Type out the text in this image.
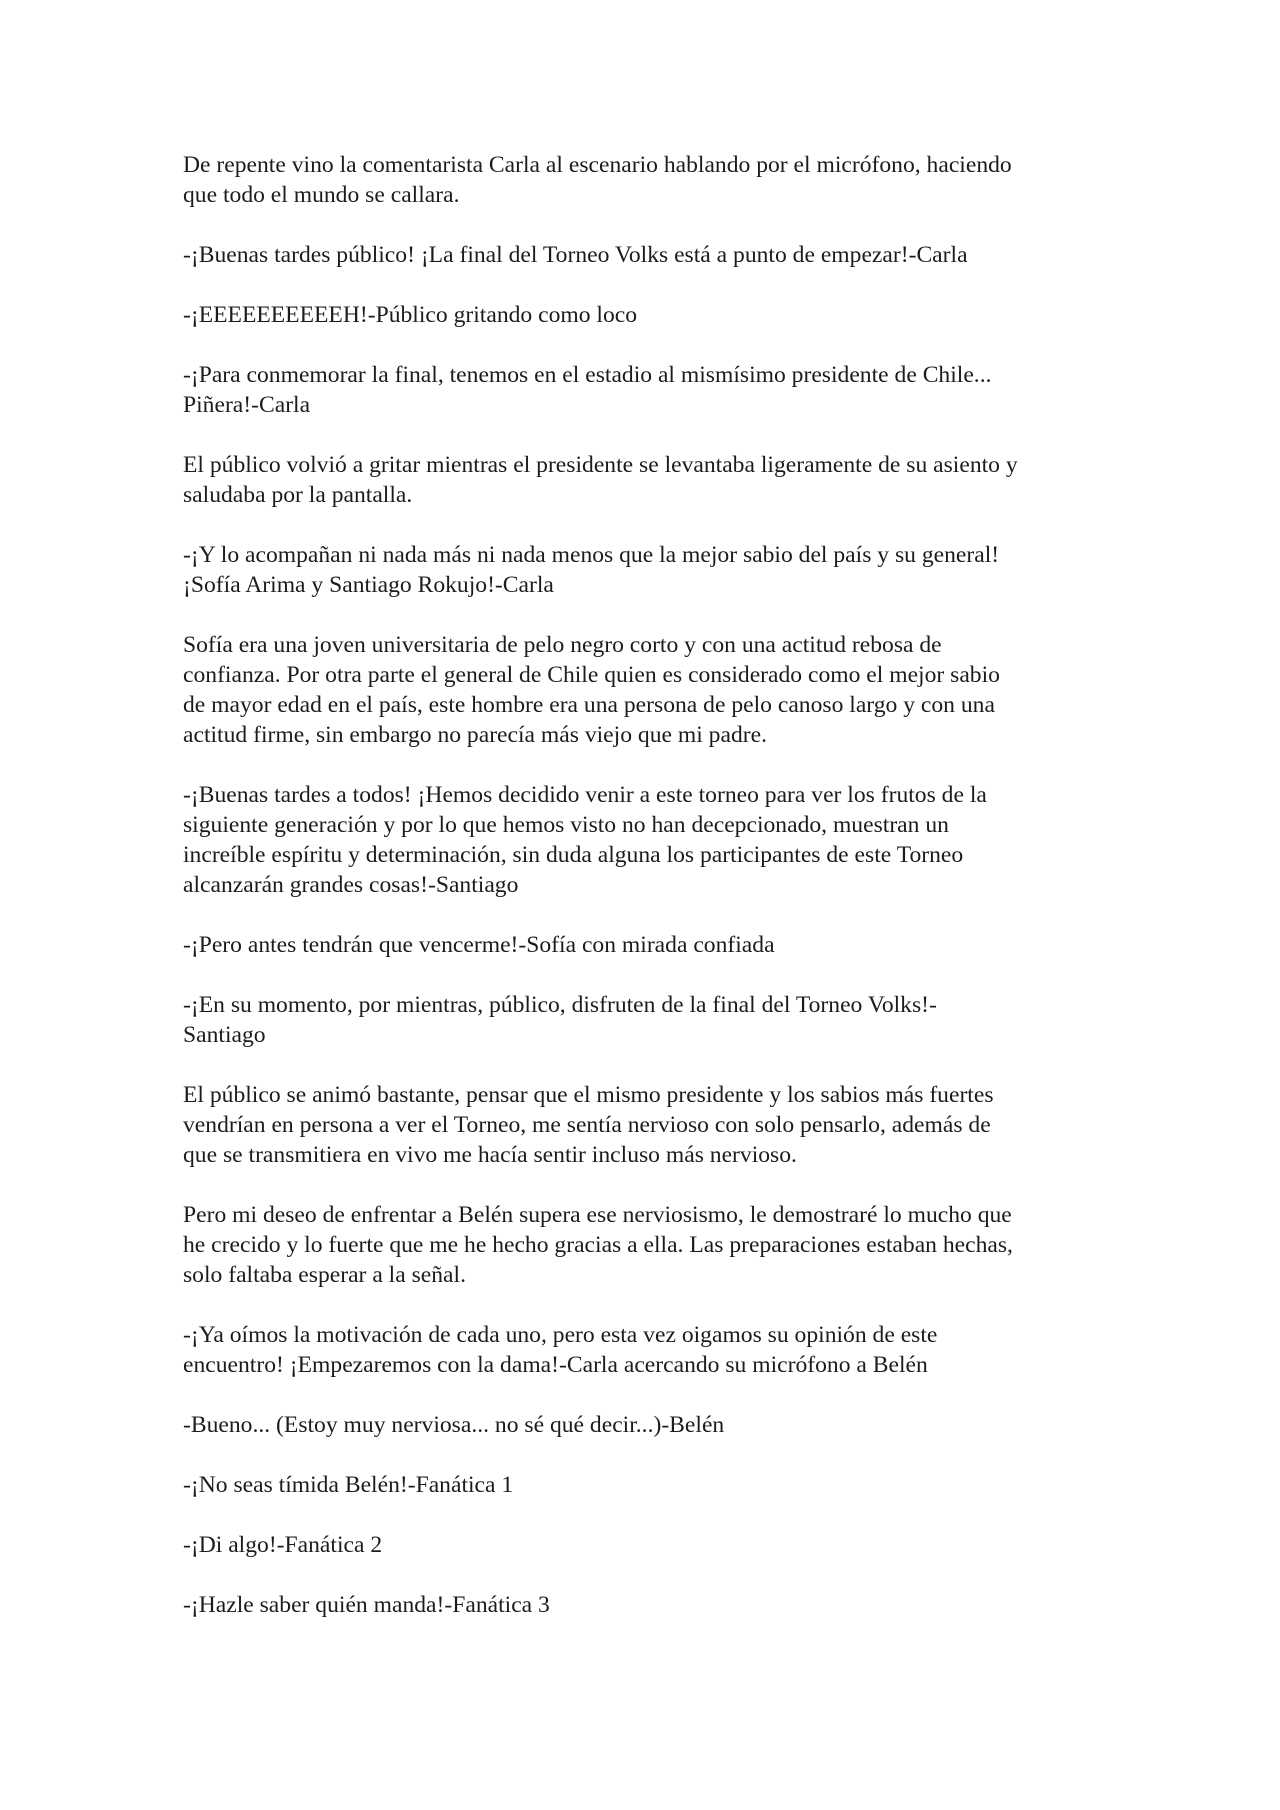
De repente vino la comentarista Carla al escenario hablando por el micrófono, haciendo
que todo el mundo se callara.

-¡Buenas tardes público! ¡La final del Torneo Volks está a punto de empezar!-Carla

-¡EEEEEEEEEEH!-Público gritando como loco

-¡Para conmemorar la final, tenemos en el estadio al mismísimo presidente de Chile...
Piñera!-Carla

El público volvió a gritar mientras el presidente se levantaba ligeramente de su asiento y
saludaba por la pantalla.

-¡Y lo acompañan ni nada más ni nada menos que la mejor sabio del país y su general!
¡Sofía Arima y Santiago Rokujo!-Carla

Sofía era una joven universitaria de pelo negro corto y con una actitud rebosa de
confianza. Por otra parte el general de Chile quien es considerado como el mejor sabio
de mayor edad en el país, este hombre era una persona de pelo canoso largo y con una
actitud firme, sin embargo no parecía más viejo que mi padre.

-¡Buenas tardes a todos! ¡Hemos decidido venir a este torneo para ver los frutos de la
siguiente generación y por lo que hemos visto no han decepcionado, muestran un
increíble espíritu y determinación, sin duda alguna los participantes de este Torneo
alcanzarán grandes cosas!-Santiago

-¡Pero antes tendrán que vencerme!-Sofía con mirada confiada

-¡En su momento, por mientras, público, disfruten de la final del Torneo Volks!-
Santiago

El público se animó bastante, pensar que el mismo presidente y los sabios más fuertes
vendrían en persona a ver el Torneo, me sentía nervioso con solo pensarlo, además de
que se transmitiera en vivo me hacía sentir incluso más nervioso.

Pero mi deseo de enfrentar a Belén supera ese nerviosismo, le demostraré lo mucho que
he crecido y lo fuerte que me he hecho gracias a ella. Las preparaciones estaban hechas,
solo faltaba esperar a la señal.

-¡Ya oímos la motivación de cada uno, pero esta vez oigamos su opinión de este
encuentro! ¡Empezaremos con la dama!-Carla acercando su micrófono a Belén

-Bueno... (Estoy muy nerviosa... no sé qué decir...)-Belén

-¡No seas tímida Belén!-Fanática 1

-¡Di algo!-Fanática 2

-¡Hazle saber quién manda!-Fanática 3
